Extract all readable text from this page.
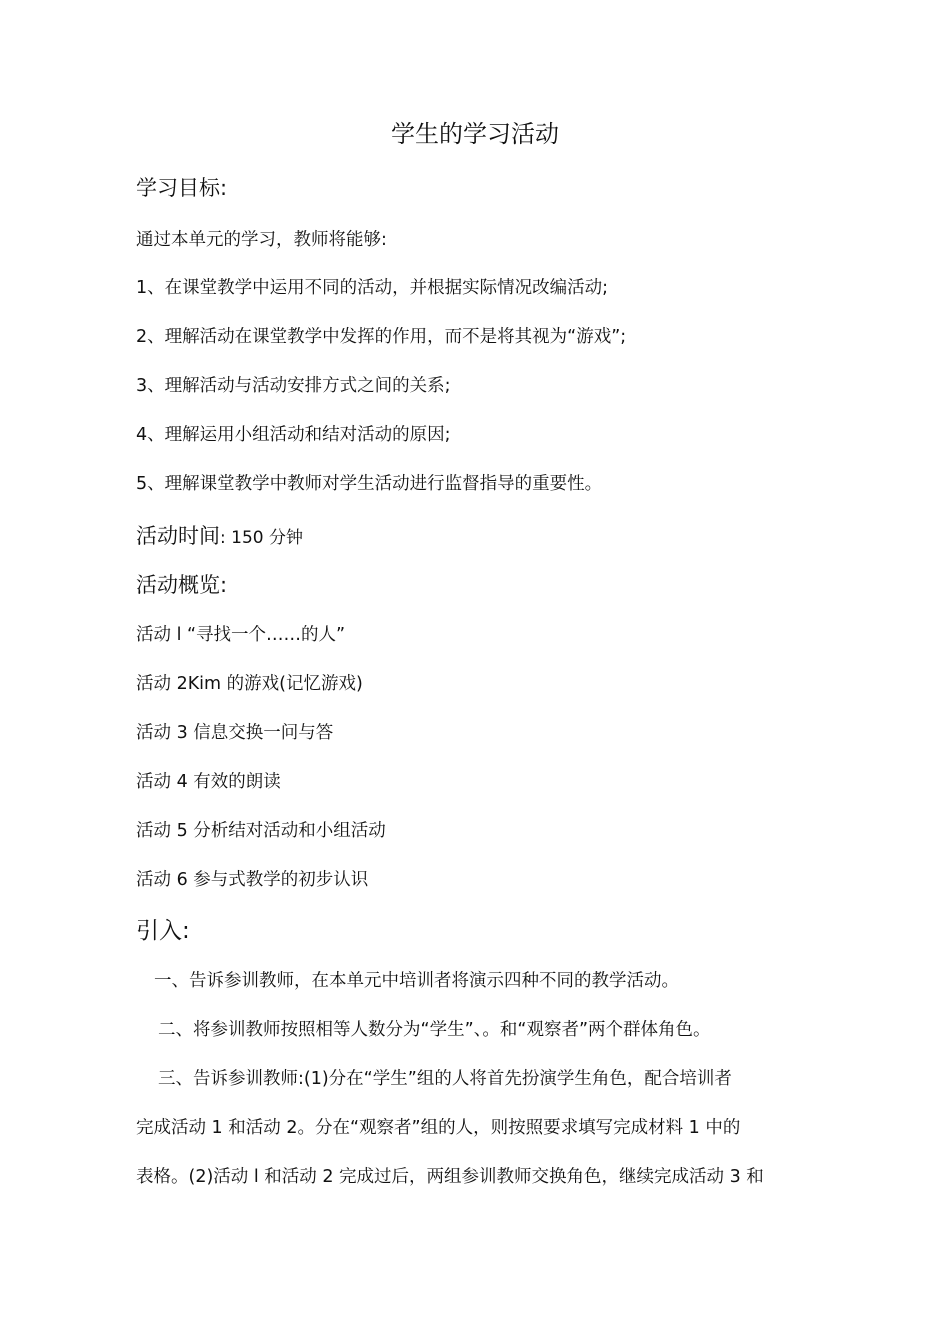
学生的学习活动
学习目标:
通过本单元的学习，教师将能够:
1、在课堂教学中运用不同的活动，并根据实际情况改编活动;
2、理解活动在课堂教学中发挥的作用，而不是将其视为“游戏”;
3、理解活动与活动安排方式之间的关系;
4、理解运用小组活动和结对活动的原因;
5、理解课堂教学中教师对学生活动进行监督指导的重要性。
活动时间: 150 分钟
活动概览:
活动 l “寻找一个……的人”
活动 2Kim 的游戏(记忆游戏)
活动 3 信息交换一问与答
活动 4 有效的朗读
活动 5 分析结对活动和小组活动
活动 6 参与式教学的初步认识
引入:
一、告诉参训教师，在本单元中培训者将演示四种不同的教学活动。
二、将参训教师按照相等人数分为“学生”、。和“观察者”两个群体角色。
三、告诉参训教师:(1)分在“学生”组的人将首先扮演学生角色，配合培训者
完成活动 1 和活动 2。分在“观察者”组的人，则按照要求填写完成材料 1 中的
表格。(2)活动 l 和活动 2 完成过后，两组参训教师交换角色，继续完成活动 3 和
